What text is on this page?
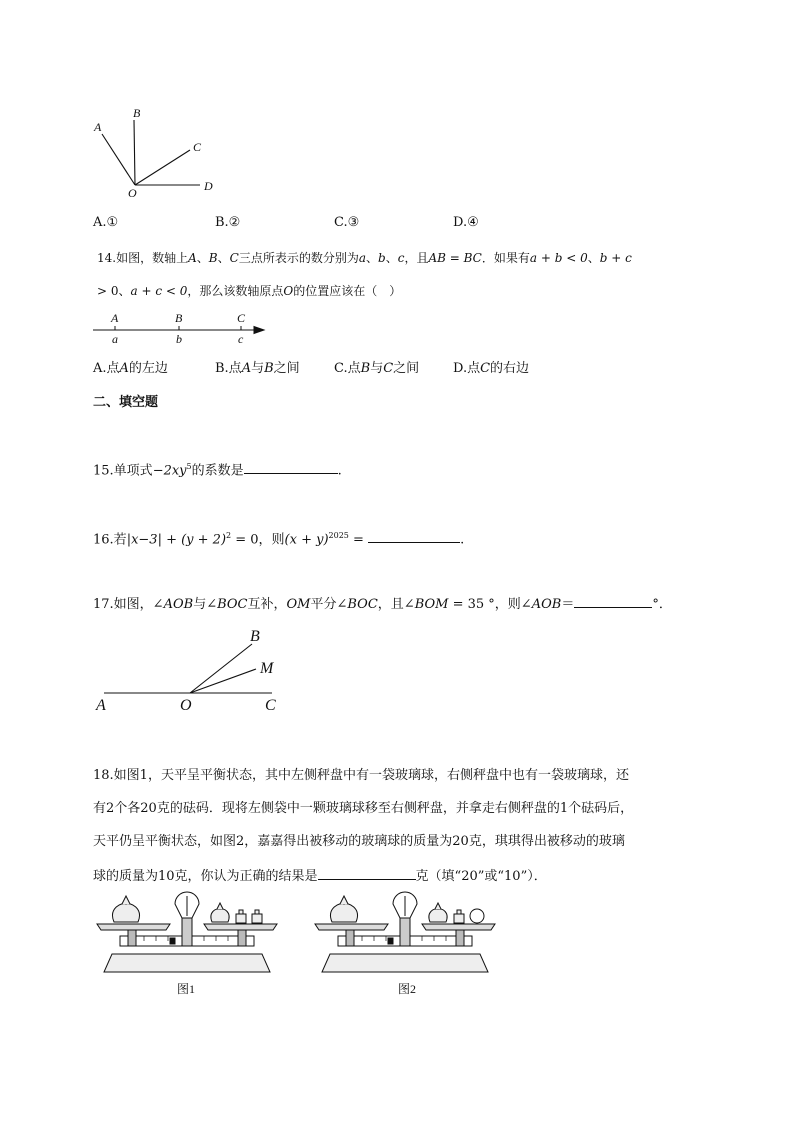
A
B
C
D
O
A.①	B.②	C.③	D.④
14.如图，数轴上A、B、C三点所表示的数分别为a、b、c，且AB = BC．如果有a + b < 0、b + c
> 0、a + c < 0，那么该数轴原点O的位置应该在（　）
A	B	C
a	b	c
A.点A的左边	B.点A与B之间	C.点B与C之间	D.点C的右边
二、填空题
15.单项式$-2xy^5$的系数是	.
16.若$|x-3| + (y + 2)^2 = 0$，则$(x + y)^{2025}$ =	.
17.如图，∠AOB与∠BOC互补，OM平分∠BOC，且∠BOM = 35 °，则∠AOB＝	°．
A	O	C
B
M
18.如图1，天平呈平衡状态，其中左侧秤盘中有一袋玻璃球，右侧秤盘中也有一袋玻璃球，还
有2个各20克的砝码．现将左侧袋中一颗玻璃球移至右侧秤盘，并拿走右侧秤盘的1个砝码后，
天平仍呈平衡状态，如图2，嘉嘉得出被移动的玻璃球的质量为20克，琪琪得出被移动的玻璃
球的质量为10克，你认为正确的结果是	克（填“20”或“10”）．
图1	图2
